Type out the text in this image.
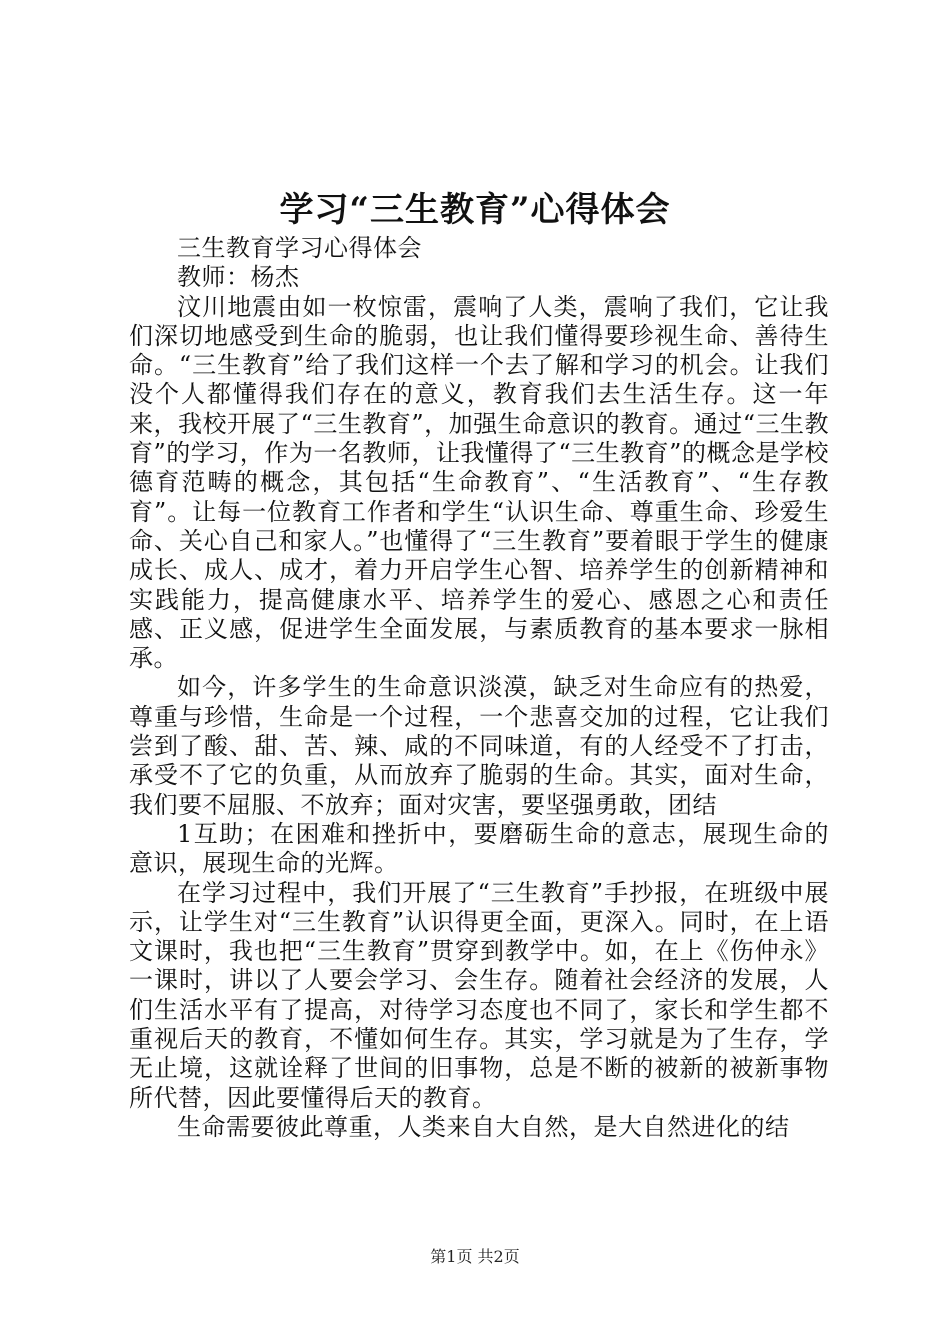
学习“三生教育”心得体会

三生教育学习心得体会

教师：杨杰

汶川地震由如一枚惊雷，震响了人类，震响了我们，它让我们深切地感受到生命的脆弱，也让我们懂得要珍视生命、善待生命。“三生教育”给了我们这样一个去了解和学习的机会。让我们没个人都懂得我们存在的意义，教育我们去生活生存。这一年来，我校开展了“三生教育”，加强生命意识的教育。通过“三生教育”的学习，作为一名教师，让我懂得了“三生教育”的概念是学校德育范畴的概念，其包括“生命教育”、“生活教育”、“生存教育”。让每一位教育工作者和学生“认识生命、尊重生命、珍爱生命、关心自己和家人。”也懂得了“三生教育”要着眼于学生的健康成长、成人、成才，着力开启学生心智、培养学生的创新精神和实践能力，提高健康水平、培养学生的爱心、感恩之心和责任感、正义感，促进学生全面发展，与素质教育的基本要求一脉相承。

如今，许多学生的生命意识淡漠，缺乏对生命应有的热爱，尊重与珍惜，生命是一个过程，一个悲喜交加的过程，它让我们尝到了酸、甜、苦、辣、咸的不同味道，有的人经受不了打击，承受不了它的负重，从而放弃了脆弱的生命。其实，面对生命，我们要不屈服、不放弃；面对灾害，要坚强勇敢，团结

1互助；在困难和挫折中，要磨砺生命的意志，展现生命的意识，展现生命的光辉。

在学习过程中，我们开展了“三生教育”手抄报，在班级中展示，让学生对“三生教育”认识得更全面，更深入。同时，在上语文课时，我也把“三生教育”贯穿到教学中。如，在上《伤仲永》一课时，讲以了人要会学习、会生存。随着社会经济的发展，人们生活水平有了提高，对待学习态度也不同了，家长和学生都不重视后天的教育，不懂如何生存。其实，学习就是为了生存，学无止境，这就诠释了世间的旧事物，总是不断的被新的被新事物所代替，因此要懂得后天的教育。

生命需要彼此尊重，人类来自大自然，是大自然进化的结

第1页 共2页
